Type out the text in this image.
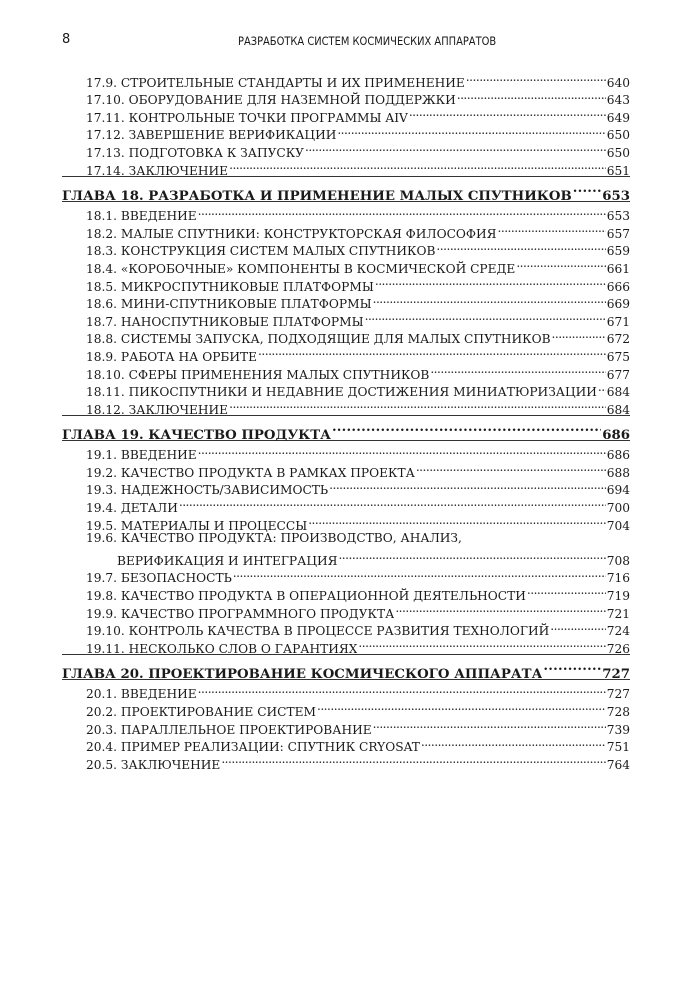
8	РАЗРАБОТКА СИСТЕМ КОСМИЧЕСКИХ АППАРАТОВ
17.9. СТРОИТЕЛЬНЫЕ СТАНДАРТЫ И ИХ ПРИМЕНЕНИЕ . . .	640
17.10. ОБОРУДОВАНИЕ ДЛЯ НАЗЕМНОЙ ПОДДЕРЖКИ . . .	643
17.11. КОНТРОЛЬНЫЕ ТОЧКИ ПРОГРАММЫ AIV . . .	649
17.12. ЗАВЕРШЕНИЕ ВЕРИФИКАЦИИ . . .	650
17.13. ПОДГОТОВКА К ЗАПУСКУ . . .	650
17.14. ЗАКЛЮЧЕНИЕ . . .	651
ГЛАВА 18. РАЗРАБОТКА И ПРИМЕНЕНИЕ МАЛЫХ СПУТНИКОВ . . . 653
18.1. ВВЕДЕНИЕ . . .	653
18.2. МАЛЫЕ СПУТНИКИ: КОНСТРУКТОРСКАЯ ФИЛОСОФИЯ . . .	657
18.3. КОНСТРУКЦИЯ СИСТЕМ МАЛЫХ СПУТНИКОВ . . .	659
18.4. «КОРОБОЧНЫЕ» КОМПОНЕНТЫ В КОСМИЧЕСКОЙ СРЕДЕ . . .	661
18.5. МИКРОСПУТНИКОВЫЕ ПЛАТФОРМЫ . . .	666
18.6. МИНИ-СПУТНИКОВЫЕ ПЛАТФОРМЫ . . .	669
18.7. НАНОСПУТНИКОВЫЕ ПЛАТФОРМЫ . . .	671
18.8. СИСТЕМЫ ЗАПУСКА, ПОДХОДЯЩИЕ ДЛЯ МАЛЫХ СПУТНИКОВ . . .	672
18.9. РАБОТА НА ОРБИТЕ . . .	675
18.10. СФЕРЫ ПРИМЕНЕНИЯ МАЛЫХ СПУТНИКОВ . . .	677
18.11. ПИКОСПУТНИКИ И НЕДАВНИЕ ДОСТИЖЕНИЯ МИНИАТЮРИЗАЦИИ . . . 684
18.12. ЗАКЛЮЧЕНИЕ . . .	684
ГЛАВА 19. КАЧЕСТВО ПРОДУКТА . . .	686
19.1. ВВЕДЕНИЕ . . .	686
19.2. КАЧЕСТВО ПРОДУКТА В РАМКАХ ПРОЕКТА . . .	688
19.3. НАДЕЖНОСТЬ/ЗАВИСИМОСТЬ . . .	694
19.4. ДЕТАЛИ . . .	700
19.5. МАТЕРИАЛЫ И ПРОЦЕССЫ . . .	704
19.6. КАЧЕСТВО ПРОДУКТА: ПРОИЗВОДСТВО, АНАЛИЗ,
ВЕРИФИКАЦИЯ И ИНТЕГРАЦИЯ . . .	708
19.7. БЕЗОПАСНОСТЬ . . .	716
19.8. КАЧЕСТВО ПРОДУКТА В ОПЕРАЦИОННОЙ ДЕЯТЕЛЬНОСТИ . . .	719
19.9. КАЧЕСТВО ПРОГРАММНОГО ПРОДУКТА . . .	721
19.10. КОНТРОЛЬ КАЧЕСТВА В ПРОЦЕССЕ РАЗВИТИЯ ТЕХНОЛОГИЙ . . .	724
19.11. НЕСКОЛЬКО СЛОВ О ГАРАНТИЯХ . . .	726
ГЛАВА 20. ПРОЕКТИРОВАНИЕ КОСМИЧЕСКОГО АППАРАТА . . .	727
20.1. ВВЕДЕНИЕ . . .	727
20.2. ПРОЕКТИРОВАНИЕ СИСТЕМ . . .	728
20.3. ПАРАЛЛЕЛЬНОЕ ПРОЕКТИРОВАНИЕ . . .	739
20.4. ПРИМЕР РЕАЛИЗАЦИИ: СПУТНИК CRYOSAT . . .	751
20.5. ЗАКЛЮЧЕНИЕ . . .	764
